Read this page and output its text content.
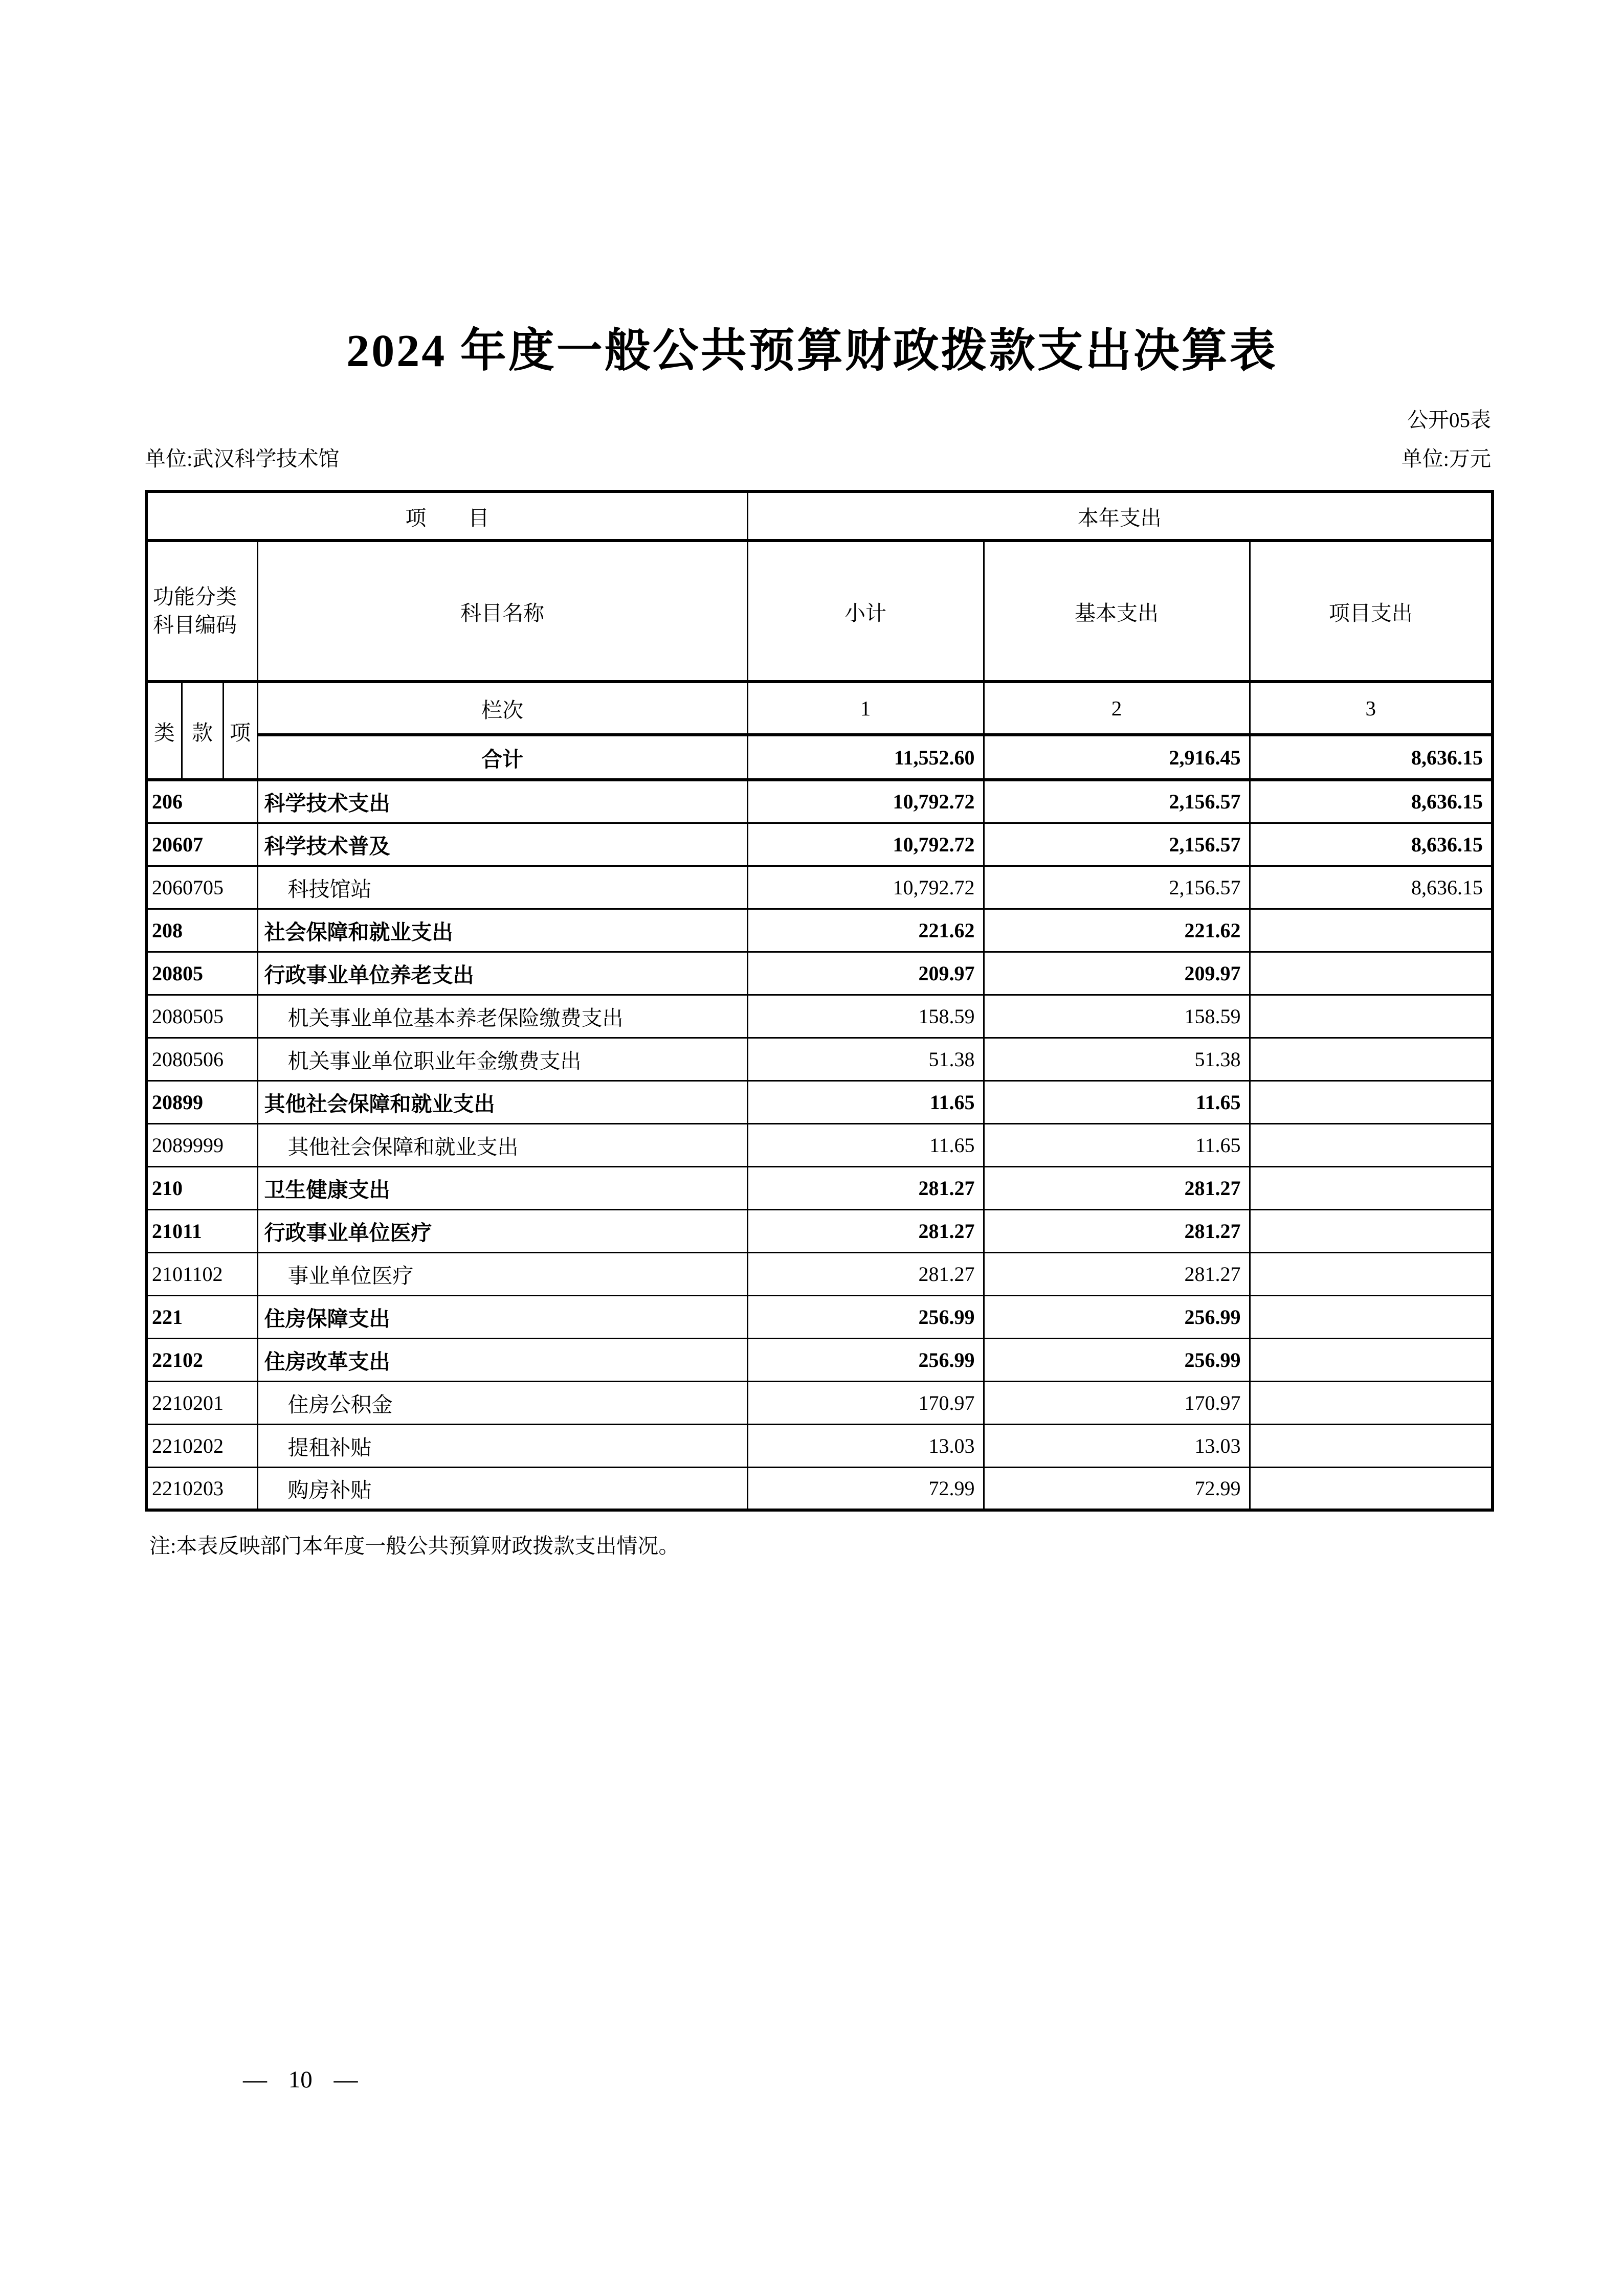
2024 年度一般公共预算财政拨款支出决算表
公开05表
单位:武汉科学技术馆	单位:万元
项　　目				本年支出		

功能分类
科目编码			科目名称	小计	基本支出	项目支出
类	款	项	栏次	1	2	3
			合计	11,552.60	2,916.45	8,636.15
206			科学技术支出	10,792.72	2,156.57	8,636.15
20607			科学技术普及	10,792.72	2,156.57	8,636.15
2060705			科技馆站	10,792.72	2,156.57	8,636.15
208			社会保障和就业支出	221.62	221.62	
20805			行政事业单位养老支出	209.97	209.97	
2080505			机关事业单位基本养老保险缴费支出	158.59	158.59	
2080506			机关事业单位职业年金缴费支出	51.38	51.38	
20899			其他社会保障和就业支出	11.65	11.65	
2089999			其他社会保障和就业支出	11.65	11.65	
210			卫生健康支出	281.27	281.27	
21011			行政事业单位医疗	281.27	281.27	
2101102			事业单位医疗	281.27	281.27	
221			住房保障支出	256.99	256.99	
22102			住房改革支出	256.99	256.99	
2210201			住房公积金	170.97	170.97	
2210202			提租补贴	13.03	13.03	
2210203			购房补贴	72.99	72.99	
注:本表反映部门本年度一般公共预算财政拨款支出情况。
— 10 —
